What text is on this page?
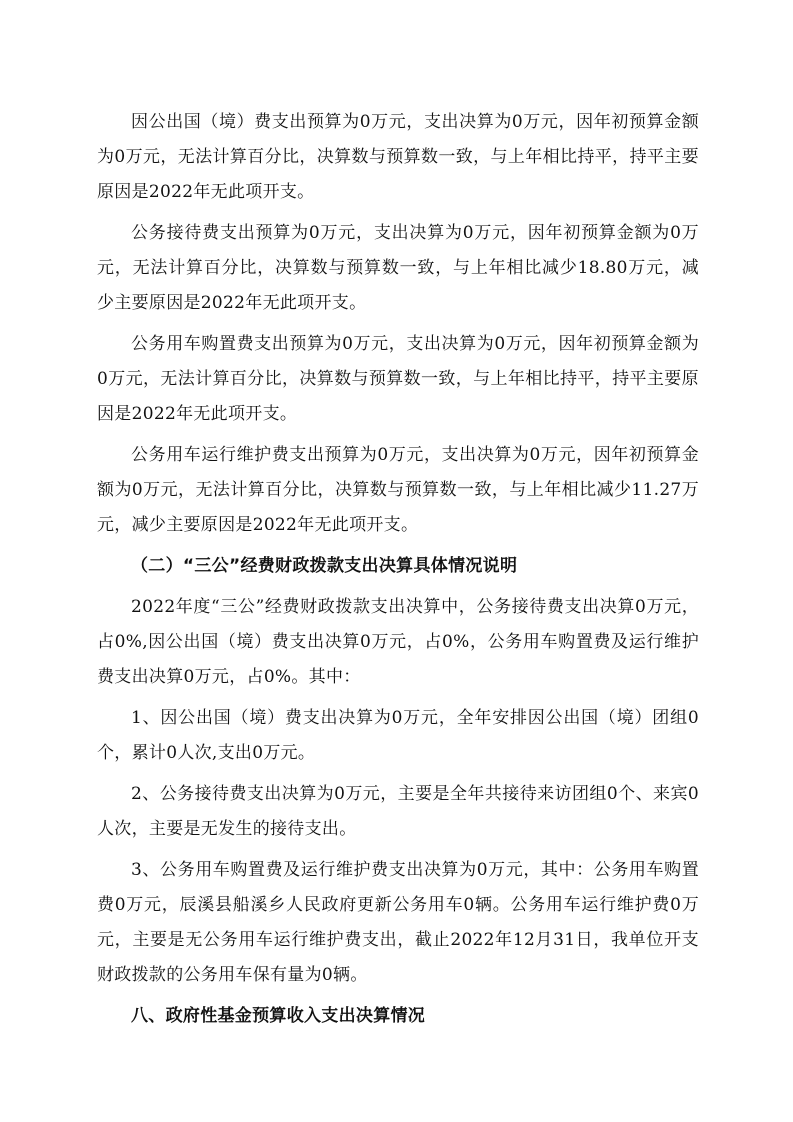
因公出国（境）费支出预算为0万元，支出决算为0万元，因年初预算金额为0万元，无法计算百分比，决算数与预算数一致，与上年相比持平，持平主要原因是2022年无此项开支。

公务接待费支出预算为0万元，支出决算为0万元，因年初预算金额为0万元，无法计算百分比，决算数与预算数一致，与上年相比减少18.80万元，减少主要原因是2022年无此项开支。

公务用车购置费支出预算为0万元，支出决算为0万元，因年初预算金额为0万元，无法计算百分比，决算数与预算数一致，与上年相比持平，持平主要原因是2022年无此项开支。

公务用车运行维护费支出预算为0万元，支出决算为0万元，因年初预算金额为0万元，无法计算百分比，决算数与预算数一致，与上年相比减少11.27万元，减少主要原因是2022年无此项开支。

（二）“三公”经费财政拨款支出决算具体情况说明

2022年度“三公”经费财政拨款支出决算中，公务接待费支出决算0万元，占0%,因公出国（境）费支出决算0万元，占0%，公务用车购置费及运行维护费支出决算0万元，占0%。其中：

1、因公出国（境）费支出决算为0万元，全年安排因公出国（境）团组0个，累计0人次,支出0万元。

2、公务接待费支出决算为0万元，主要是全年共接待来访团组0个、来宾0人次，主要是无发生的接待支出。

3、公务用车购置费及运行维护费支出决算为0万元，其中：公务用车购置费0万元，辰溪县船溪乡人民政府更新公务用车0辆。公务用车运行维护费0万元，主要是无公务用车运行维护费支出，截止2022年12月31日，我单位开支财政拨款的公务用车保有量为0辆。

八、政府性基金预算收入支出决算情况
